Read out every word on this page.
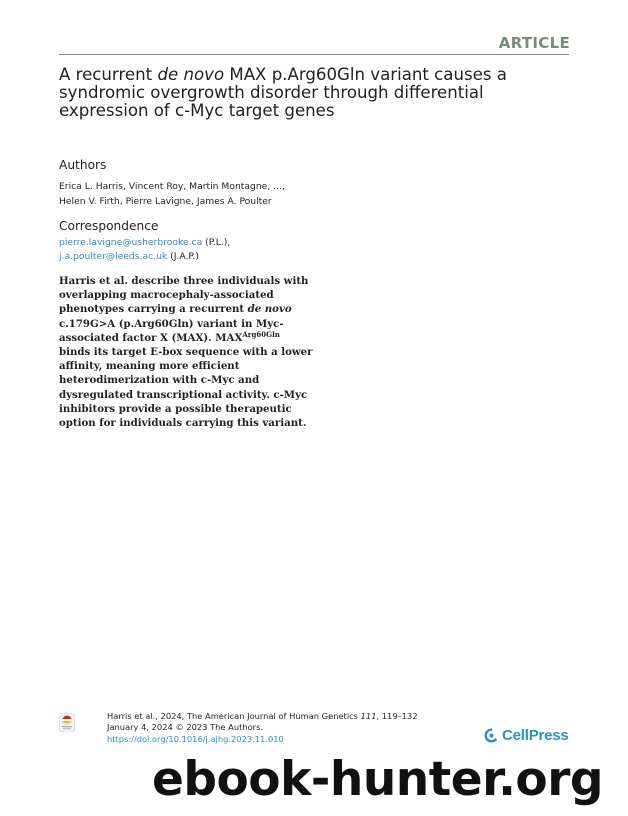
ARTICLE
A recurrent de novo MAX p.Arg60Gln variant causes a syndromic overgrowth disorder through differential expression of c-Myc target genes
Authors
Erica L. Harris, Vincent Roy, Martin Montagne, ...,
Helen V. Firth, Pierre Lavigne, James A. Poulter
Correspondence
pierre.lavigne@usherbrooke.ca (P.L.),
j.a.poulter@leeds.ac.uk (J.A.P.)
Harris et al. describe three individuals with overlapping macrocephaly-associated phenotypes carrying a recurrent de novo c.179G>A (p.Arg60Gln) variant in Myc-associated factor X (MAX). $MAX^{Arg60Gln}$ binds its target E-box sequence with a lower affinity, meaning more efficient heterodimerization with c-Myc and dysregulated transcriptional activity. c-Myc inhibitors provide a possible therapeutic option for individuals carrying this variant.
Harris et al., 2024, The American Journal of Human Genetics 111, 119–132
January 4, 2024 © 2023 The Authors.
https://doi.org/10.1016/j.ajhg.2023.11.010	CellPress
ebook-hunter.org
